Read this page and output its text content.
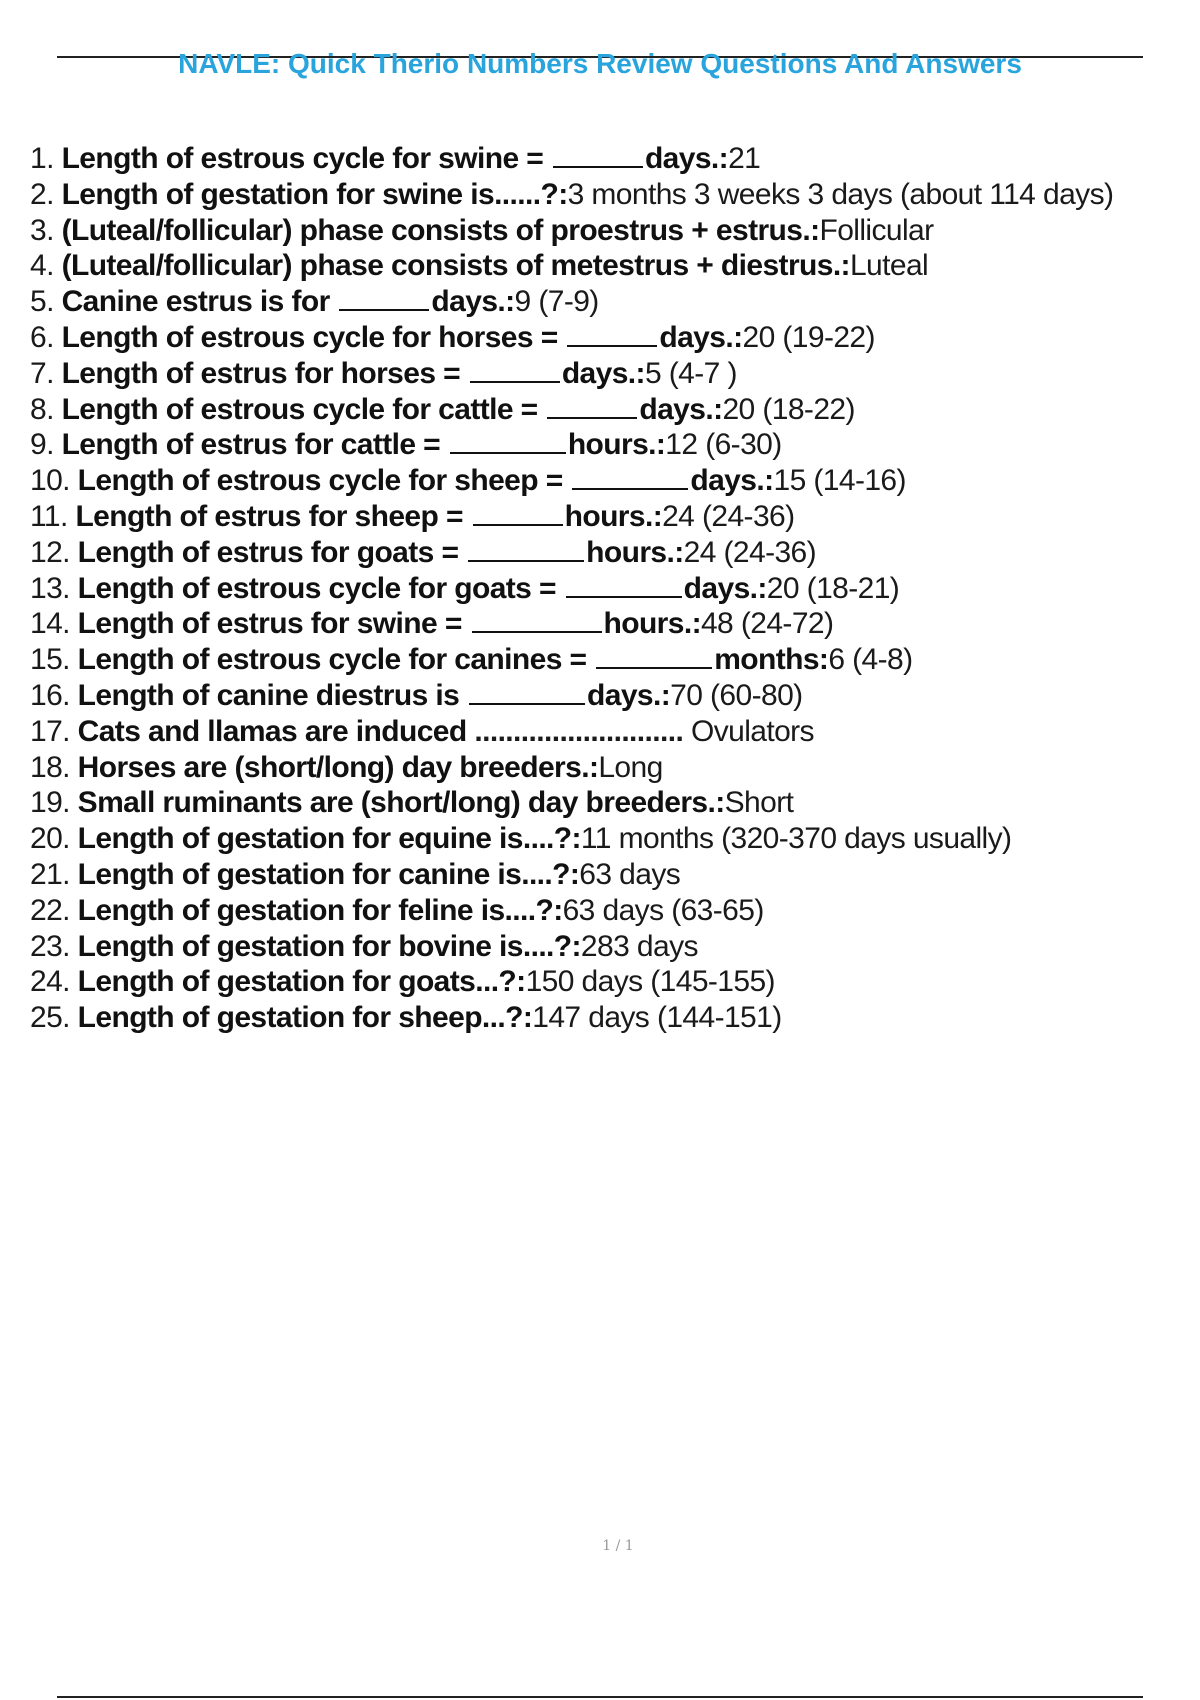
NAVLE: Quick Therio Numbers Review Questions And Answers
1. Length of estrous cycle for swine =	days.:21
2. Length of gestation for swine is......?:3 months 3 weeks 3 days (about 114 days)
3. (Luteal/follicular) phase consists of proestrus + estrus.:Follicular
4. (Luteal/follicular) phase consists of metestrus + diestrus.:Luteal
5. Canine estrus is for	days.:9 (7-9)
6. Length of estrous cycle for horses =	days.:20 (19-22)
7. Length of estrus for horses =	days.:5 (4-7 )
8. Length of estrous cycle for cattle =	days.:20 (18-22)
9. Length of estrus for cattle =	hours.:12 (6-30)
10. Length of estrous cycle for sheep =	days.:15 (14-16)
11. Length of estrus for sheep =	hours.:24 (24-36)
12. Length of estrus for goats =	hours.:24 (24-36)
13. Length of estrous cycle for goats =	days.:20 (18-21)
14. Length of estrus for swine =	hours.:48 (24-72)
15. Length of estrous cycle for canines =	months:6 (4-8)
16. Length of canine diestrus is	days.:70 (60-80)
17. Cats and llamas are induced ........................... Ovulators
18. Horses are (short/long) day breeders.:Long
19. Small ruminants are (short/long) day breeders.:Short
20. Length of gestation for equine is....?:11 months (320-370 days usually)
21. Length of gestation for canine is....?:63 days
22. Length of gestation for feline is....?:63 days (63-65)
23. Length of gestation for bovine is....?:283 days
24. Length of gestation for goats...?:150 days (145-155)
25. Length of gestation for sheep...?:147 days (144-151)
1 / 1
